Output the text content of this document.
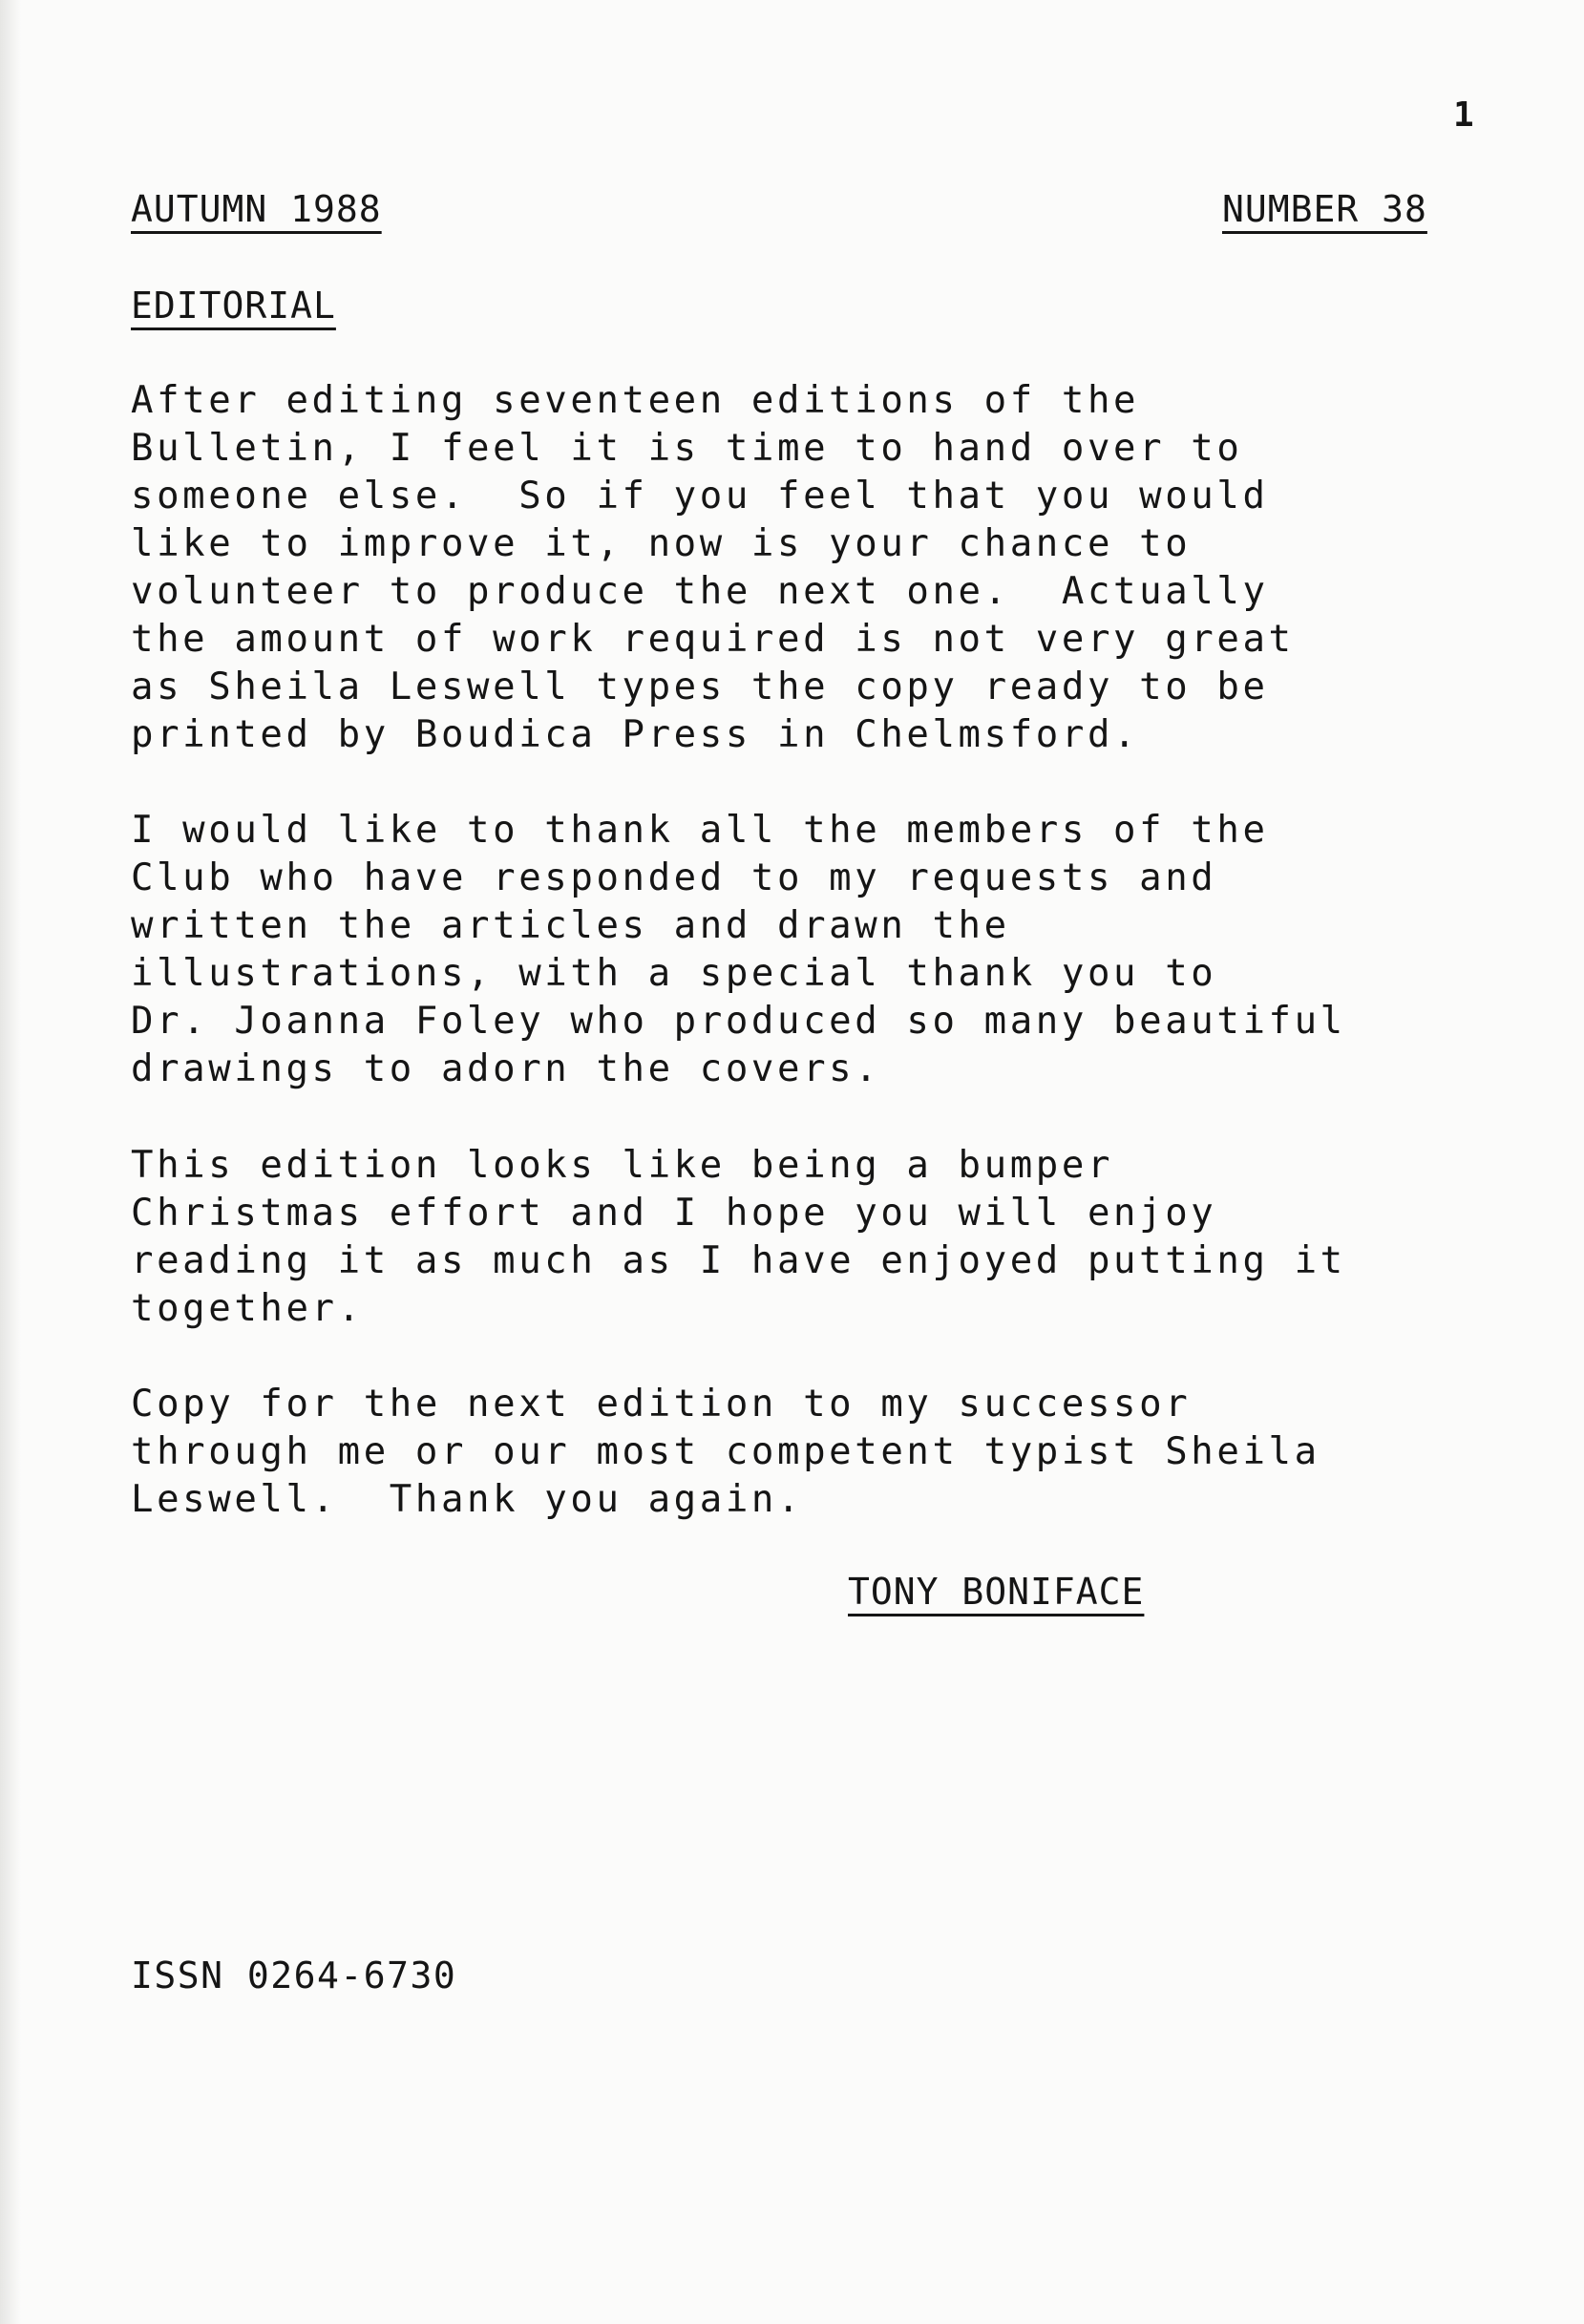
1
AUTUMN 1988	NUMBER 38
EDITORIAL

After editing seventeen editions of the
Bulletin, I feel it is time to hand over to
someone else.  So if you feel that you would
like to improve it, now is your chance to
volunteer to produce the next one.  Actually
the amount of work required is not very great
as Sheila Leswell types the copy ready to be
printed by Boudica Press in Chelmsford.

I would like to thank all the members of the
Club who have responded to my requests and
written the articles and drawn the
illustrations, with a special thank you to
Dr. Joanna Foley who produced so many beautiful
drawings to adorn the covers.

This edition looks like being a bumper
Christmas effort and I hope you will enjoy
reading it as much as I have enjoyed putting it
together.

Copy for the next edition to my successor
through me or our most competent typist Sheila
Leswell.  Thank you again.

TONY BONIFACE
ISSN 0264-6730
